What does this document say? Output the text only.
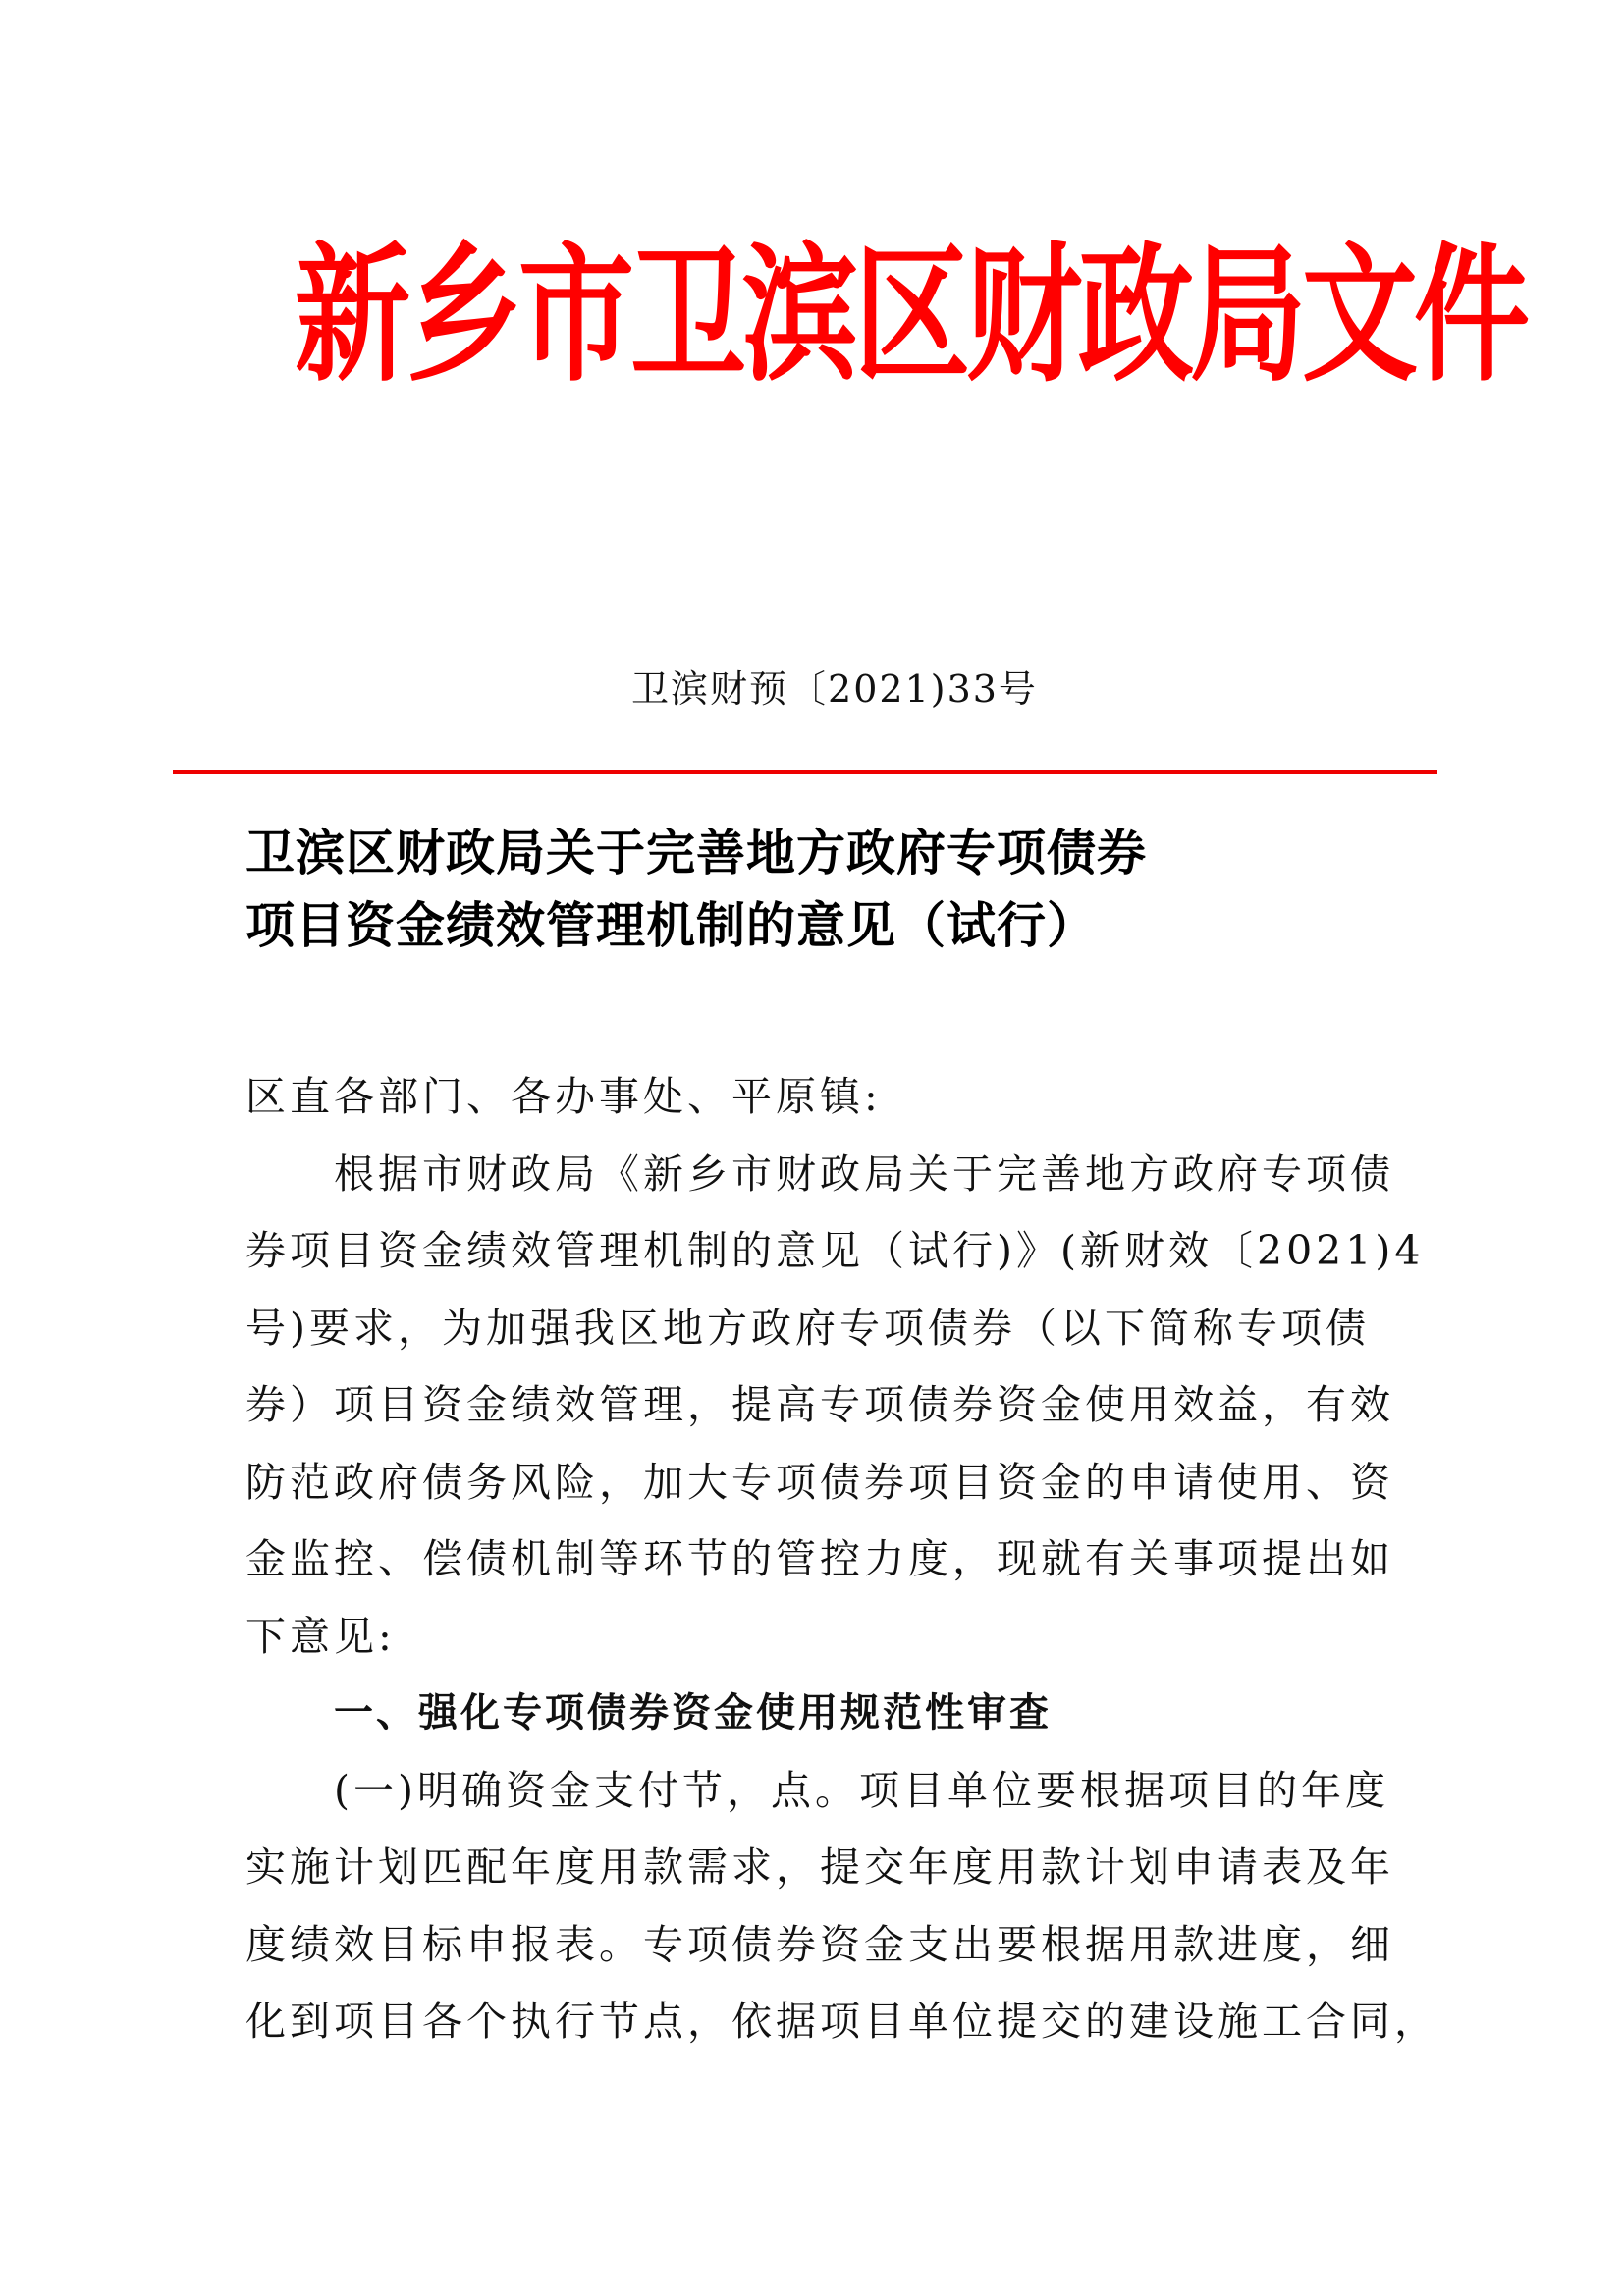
新乡市卫滨区财政局文件
卫滨财预〔2021)33号
卫滨区财政局关于完善地方政府专项债券
项目资金绩效管理机制的意见（试行）

区直各部门、各办事处、平原镇:

根据市财政局《新乡市财政局关于完善地方政府专项债
券项目资金绩效管理机制的意见（试行)》(新财效〔2021)4
号)要求，为加强我区地方政府专项债券（以下简称专项债
券）项目资金绩效管理，提高专项债券资金使用效益，有效
防范政府债务风险，加大专项债券项目资金的申请使用、资
金监控、偿债机制等环节的管控力度，现就有关事项提出如
下意见:

一、强化专项债券资金使用规范性审查

(一)明确资金支付节，点。项目单位要根据项目的年度
实施计划匹配年度用款需求，提交年度用款计划申请表及年
度绩效目标申报表。专项债券资金支出要根据用款进度，细
化到项目各个执行节点，依据项目单位提交的建设施工合同，
